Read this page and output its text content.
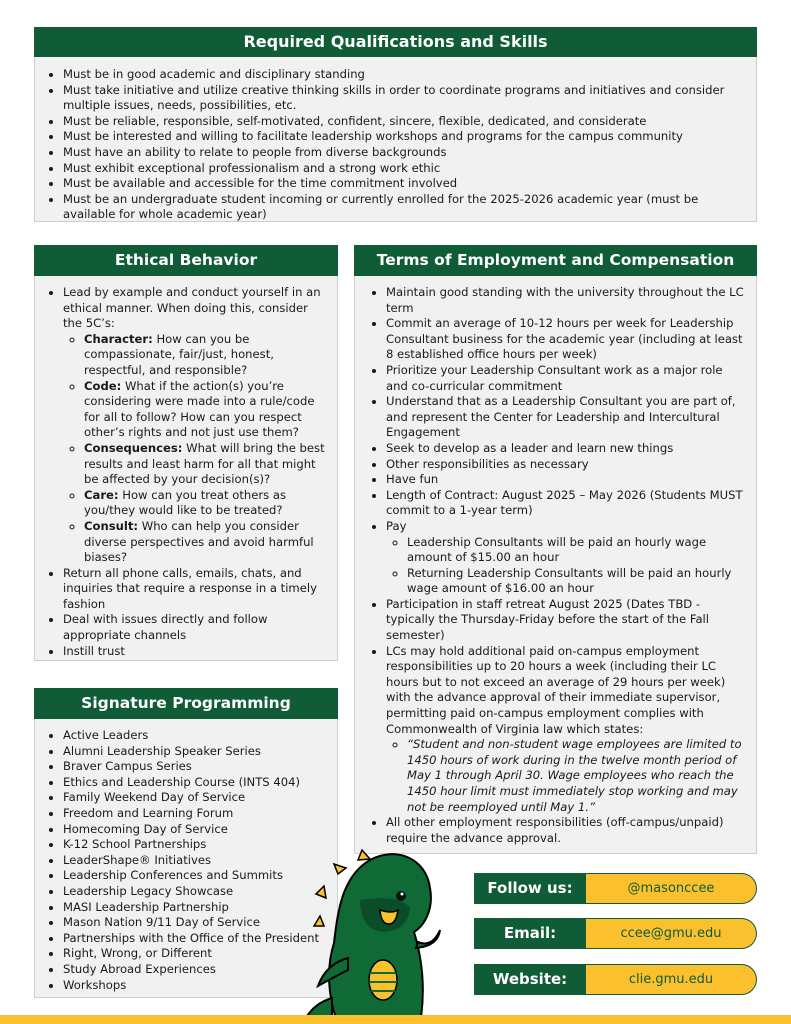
Required Qualifications and Skills
• Must be in good academic and disciplinary standing
• Must take initiative and utilize creative thinking skills in order to coordinate programs and initiatives and consider multiple issues, needs, possibilities, etc.
• Must be reliable, responsible, self-motivated, confident, sincere, flexible, dedicated, and considerate
• Must be interested and willing to facilitate leadership workshops and programs for the campus community
• Must have an ability to relate to people from diverse backgrounds
• Must exhibit exceptional professionalism and a strong work ethic
• Must be available and accessible for the time commitment involved
• Must be an undergraduate student incoming or currently enrolled for the 2025-2026 academic year (must be available for whole academic year)
Ethical Behavior
• Lead by example and conduct yourself in an ethical manner. When doing this, consider the 5C’s:
◦ Character: How can you be compassionate, fair/just, honest, respectful, and responsible?
◦ Code: What if the action(s) you’re considering were made into a rule/code for all to follow? How can you respect other’s rights and not just use them?
◦ Consequences: What will bring the best results and least harm for all that might be affected by your decision(s)?
◦ Care: How can you treat others as you/they would like to be treated?
◦ Consult: Who can help you consider diverse perspectives and avoid harmful biases?
• Return all phone calls, emails, chats, and inquiries that require a response in a timely fashion
• Deal with issues directly and follow appropriate channels
• Instill trust
Terms of Employment and Compensation
• Maintain good standing with the university throughout the LC term
• Commit an average of 10-12 hours per week for Leadership Consultant business for the academic year (including at least 8 established office hours per week)
• Prioritize your Leadership Consultant work as a major role and co-curricular commitment
• Understand that as a Leadership Consultant you are part of, and represent the Center for Leadership and Intercultural Engagement
• Seek to develop as a leader and learn new things
• Other responsibilities as necessary
• Have fun
• Length of Contract: August 2025 – May 2026 (Students MUST commit to a 1-year term)
• Pay
◦ Leadership Consultants will be paid an hourly wage amount of $15.00 an hour
◦ Returning Leadership Consultants will be paid an hourly wage amount of $16.00 an hour
• Participation in staff retreat August 2025 (Dates TBD - typically the Thursday-Friday before the start of the Fall semester)
• LCs may hold additional paid on-campus employment responsibilities up to 20 hours a week (including their LC hours but to not exceed an average of 29 hours per week) with the advance approval of their immediate supervisor, permitting paid on-campus employment complies with Commonwealth of Virginia law which states:
◦ “Student and non-student wage employees are limited to 1450 hours of work during in the twelve month period of May 1 through April 30. Wage employees who reach the 1450 hour limit must immediately stop working and may not be reemployed until May 1.”
• All other employment responsibilities (off-campus/unpaid) require the advance approval.
Signature Programming
• Active Leaders
• Alumni Leadership Speaker Series
• Braver Campus Series
• Ethics and Leadership Course (INTS 404)
• Family Weekend Day of Service
• Freedom and Learning Forum
• Homecoming Day of Service
• K-12 School Partnerships
• LeaderShape® Initiatives
• Leadership Conferences and Summits
• Leadership Legacy Showcase
• MASI Leadership Partnership
• Mason Nation 9/11 Day of Service
• Partnerships with the Office of the President
• Right, Wrong, or Different
• Study Abroad Experiences
• Workshops
Follow us:	@masonccee
Email:	ccee@gmu.edu
Website:	clie.gmu.edu
